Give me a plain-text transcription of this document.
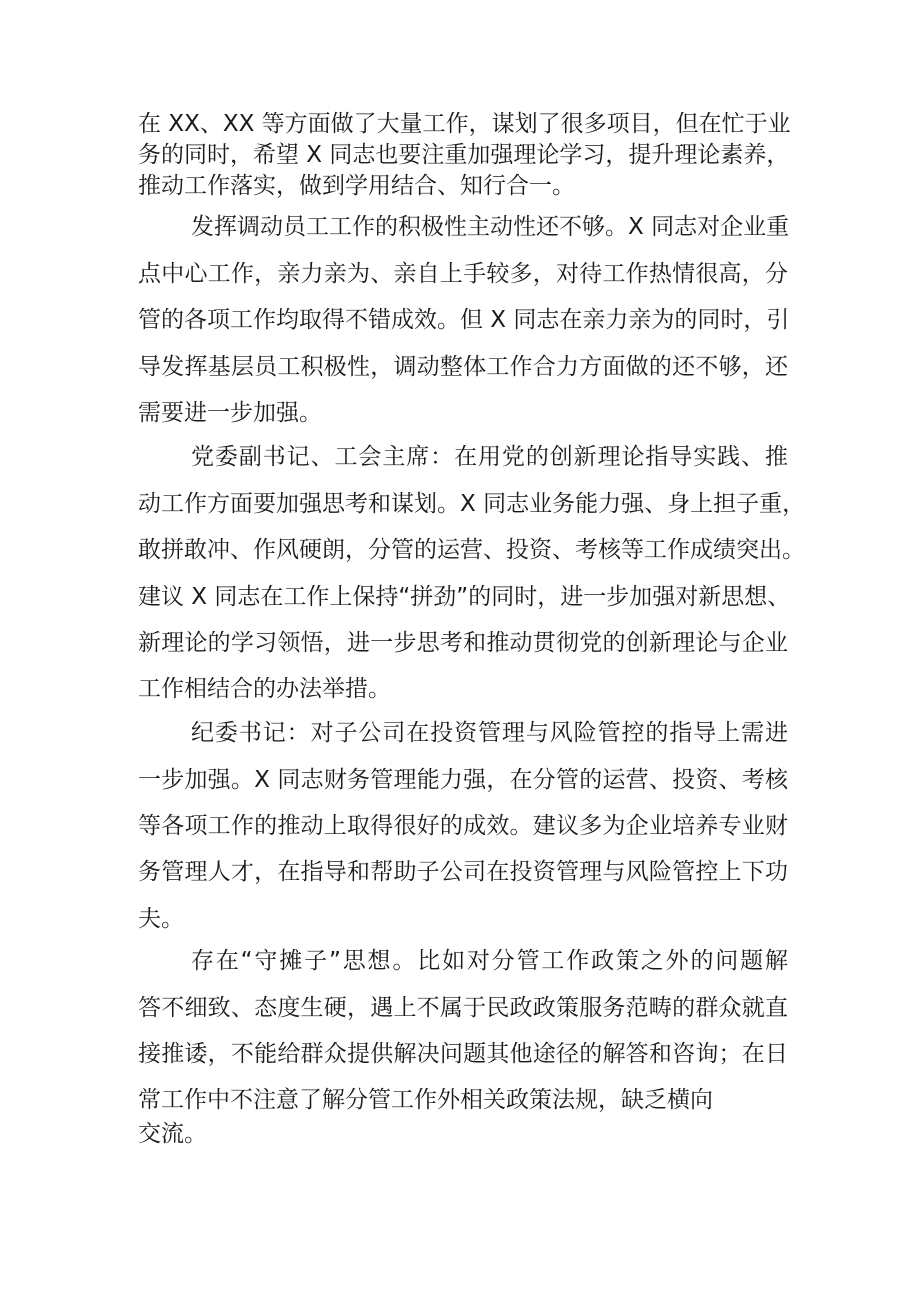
在 XX、XX 等方面做了大量工作，谋划了很多项目，但在忙于业
务的同时，希望 X 同志也要注重加强理论学习，提升理论素养，
推动工作落实，做到学用结合、知行合一。
发挥调动员工工作的积极性主动性还不够。X 同志对企业重
点中心工作，亲力亲为、亲自上手较多，对待工作热情很高，分
管的各项工作均取得不错成效。但 X 同志在亲力亲为的同时，引
导发挥基层员工积极性，调动整体工作合力方面做的还不够，还
需要进一步加强。
党委副书记、工会主席：在用党的创新理论指导实践、推
动工作方面要加强思考和谋划。X 同志业务能力强、身上担子重，
敢拼敢冲、作风硬朗，分管的运营、投资、考核等工作成绩突出。
建议 X 同志在工作上保持“拼劲”的同时，进一步加强对新思想、
新理论的学习领悟，进一步思考和推动贯彻党的创新理论与企业
工作相结合的办法举措。
纪委书记：对子公司在投资管理与风险管控的指导上需进
一步加强。X 同志财务管理能力强，在分管的运营、投资、考核
等各项工作的推动上取得很好的成效。建议多为企业培养专业财
务管理人才，在指导和帮助子公司在投资管理与风险管控上下功
夫。
存在“守摊子”思想。比如对分管工作政策之外的问题解
答不细致、态度生硬，遇上不属于民政政策服务范畴的群众就直
接推诿，不能给群众提供解决问题其他途径的解答和咨询；在日
常工作中不注意了解分管工作外相关政策法规，缺乏横向
交流。
